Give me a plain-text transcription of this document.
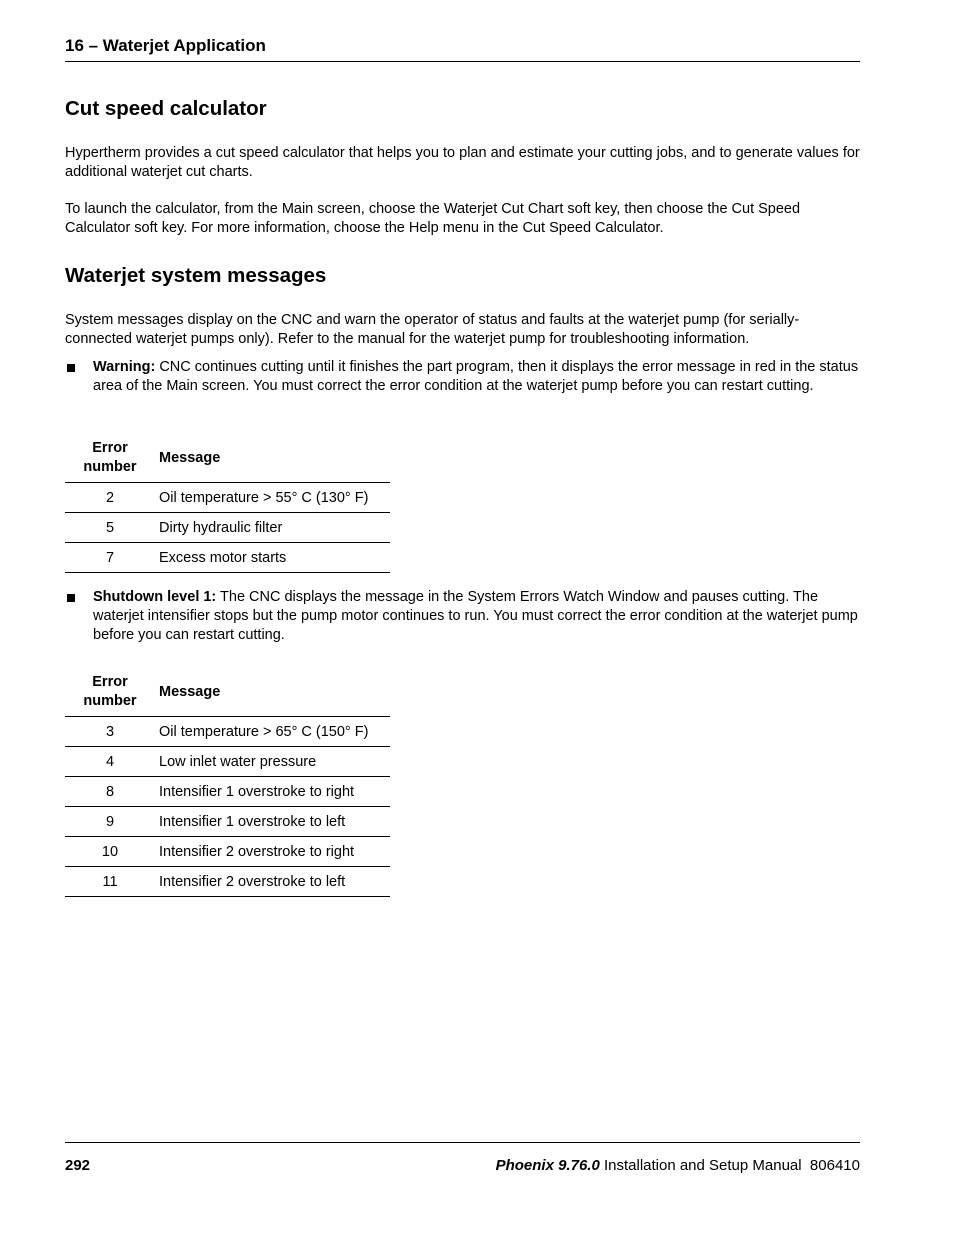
16 – Waterjet Application
Cut speed calculator

Hypertherm provides a cut speed calculator that helps you to plan and estimate your cutting jobs, and to generate values for additional waterjet cut charts.

To launch the calculator, from the Main screen, choose the Waterjet Cut Chart soft key, then choose the Cut Speed Calculator soft key. For more information, choose the Help menu in the Cut Speed Calculator.

Waterjet system messages

System messages display on the CNC and warn the operator of status and faults at the waterjet pump (for serially-connected waterjet pumps only). Refer to the manual for the waterjet pump for troubleshooting information.

Warning: CNC continues cutting until it finishes the part program, then it displays the error message in red in the status area of the Main screen. You must correct the error condition at the waterjet pump before you can restart cutting.
Error number	Message
2	Oil temperature > 55° C (130° F)
5	Dirty hydraulic filter
7	Excess motor starts
Shutdown level 1: The CNC displays the message in the System Errors Watch Window and pauses cutting. The waterjet intensifier stops but the pump motor continues to run. You must correct the error condition at the waterjet pump before you can restart cutting.
Error number	Message
3	Oil temperature > 65° C (150° F)
4	Low inlet water pressure
8	Intensifier 1 overstroke to right
9	Intensifier 1 overstroke to left
10	Intensifier 2 overstroke to right
11	Intensifier 2 overstroke to left
292	Phoenix 9.76.0 Installation and Setup Manual  806410
